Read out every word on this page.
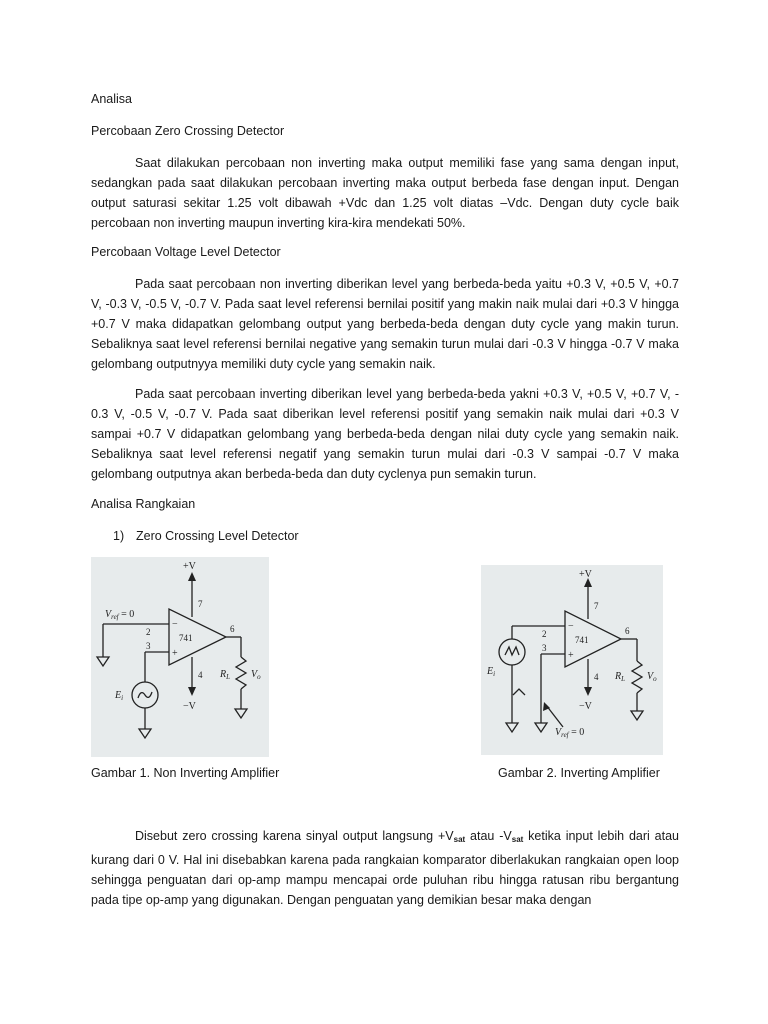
Analisa
Percobaan Zero Crossing Detector

Saat dilakukan percobaan non inverting maka output memiliki fase yang sama dengan input, sedangkan pada saat dilakukan percobaan inverting maka output berbeda fase dengan input. Dengan output saturasi sekitar 1.25 volt dibawah +Vdc dan 1.25 volt diatas –Vdc. Dengan duty cycle baik percobaan non inverting maupun inverting kira-kira mendekati 50%.

Percobaan Voltage Level Detector

Pada saat percobaan non inverting diberikan level yang berbeda-beda yaitu +0.3 V, +0.5 V, +0.7 V, -0.3 V, -0.5 V, -0.7 V. Pada saat level referensi bernilai positif yang makin naik mulai dari +0.3 V hingga +0.7 V maka didapatkan gelombang output yang berbeda-beda dengan duty cycle yang makin turun. Sebaliknya saat level referensi bernilai negative yang semakin turun mulai dari -0.3 V hingga -0.7 V maka gelombang outputnyya memiliki duty cycle yang semakin naik.

Pada saat percobaan inverting diberikan level yang berbeda-beda yakni +0.3 V, +0.5 V, +0.7 V, - 0.3 V, -0.5 V, -0.7 V. Pada saat diberikan level referensi positif yang semakin naik mulai dari +0.3 V sampai +0.7 V didapatkan gelombang yang berbeda-beda dengan nilai duty cycle yang semakin naik. Sebaliknya saat level referensi negatif yang semakin turun mulai dari -0.3 V sampai -0.7 V maka gelombang outputnya akan berbeda-beda dan duty cyclenya pun semakin turun.

Analisa Rangkaian
1) Zero Crossing Level Detector
+V
−V
$V_{ref} = 0$
2
3
7
4
6
741
−
+
$E_i$
$R_L$ $V_o$
+V
−V
$V_{ref} = 0$
2
3
7
4
6
741
−
+
$E_i$	$R_L$ $V_o$
Gambar 1. Non Inverting Amplifier	Gambar 2. Inverting Amplifier

Disebut zero crossing karena sinyal output langsung $+V_{sat}$ atau $-V_{sat}$ ketika input lebih dari atau kurang dari 0 V. Hal ini disebabkan karena pada rangkaian komparator diberlakukan rangkaian open loop sehingga penguatan dari op-amp mampu mencapai orde puluhan ribu hingga ratusan ribu bergantung pada tipe op-amp yang digunakan. Dengan penguatan yang demikian besar maka dengan
